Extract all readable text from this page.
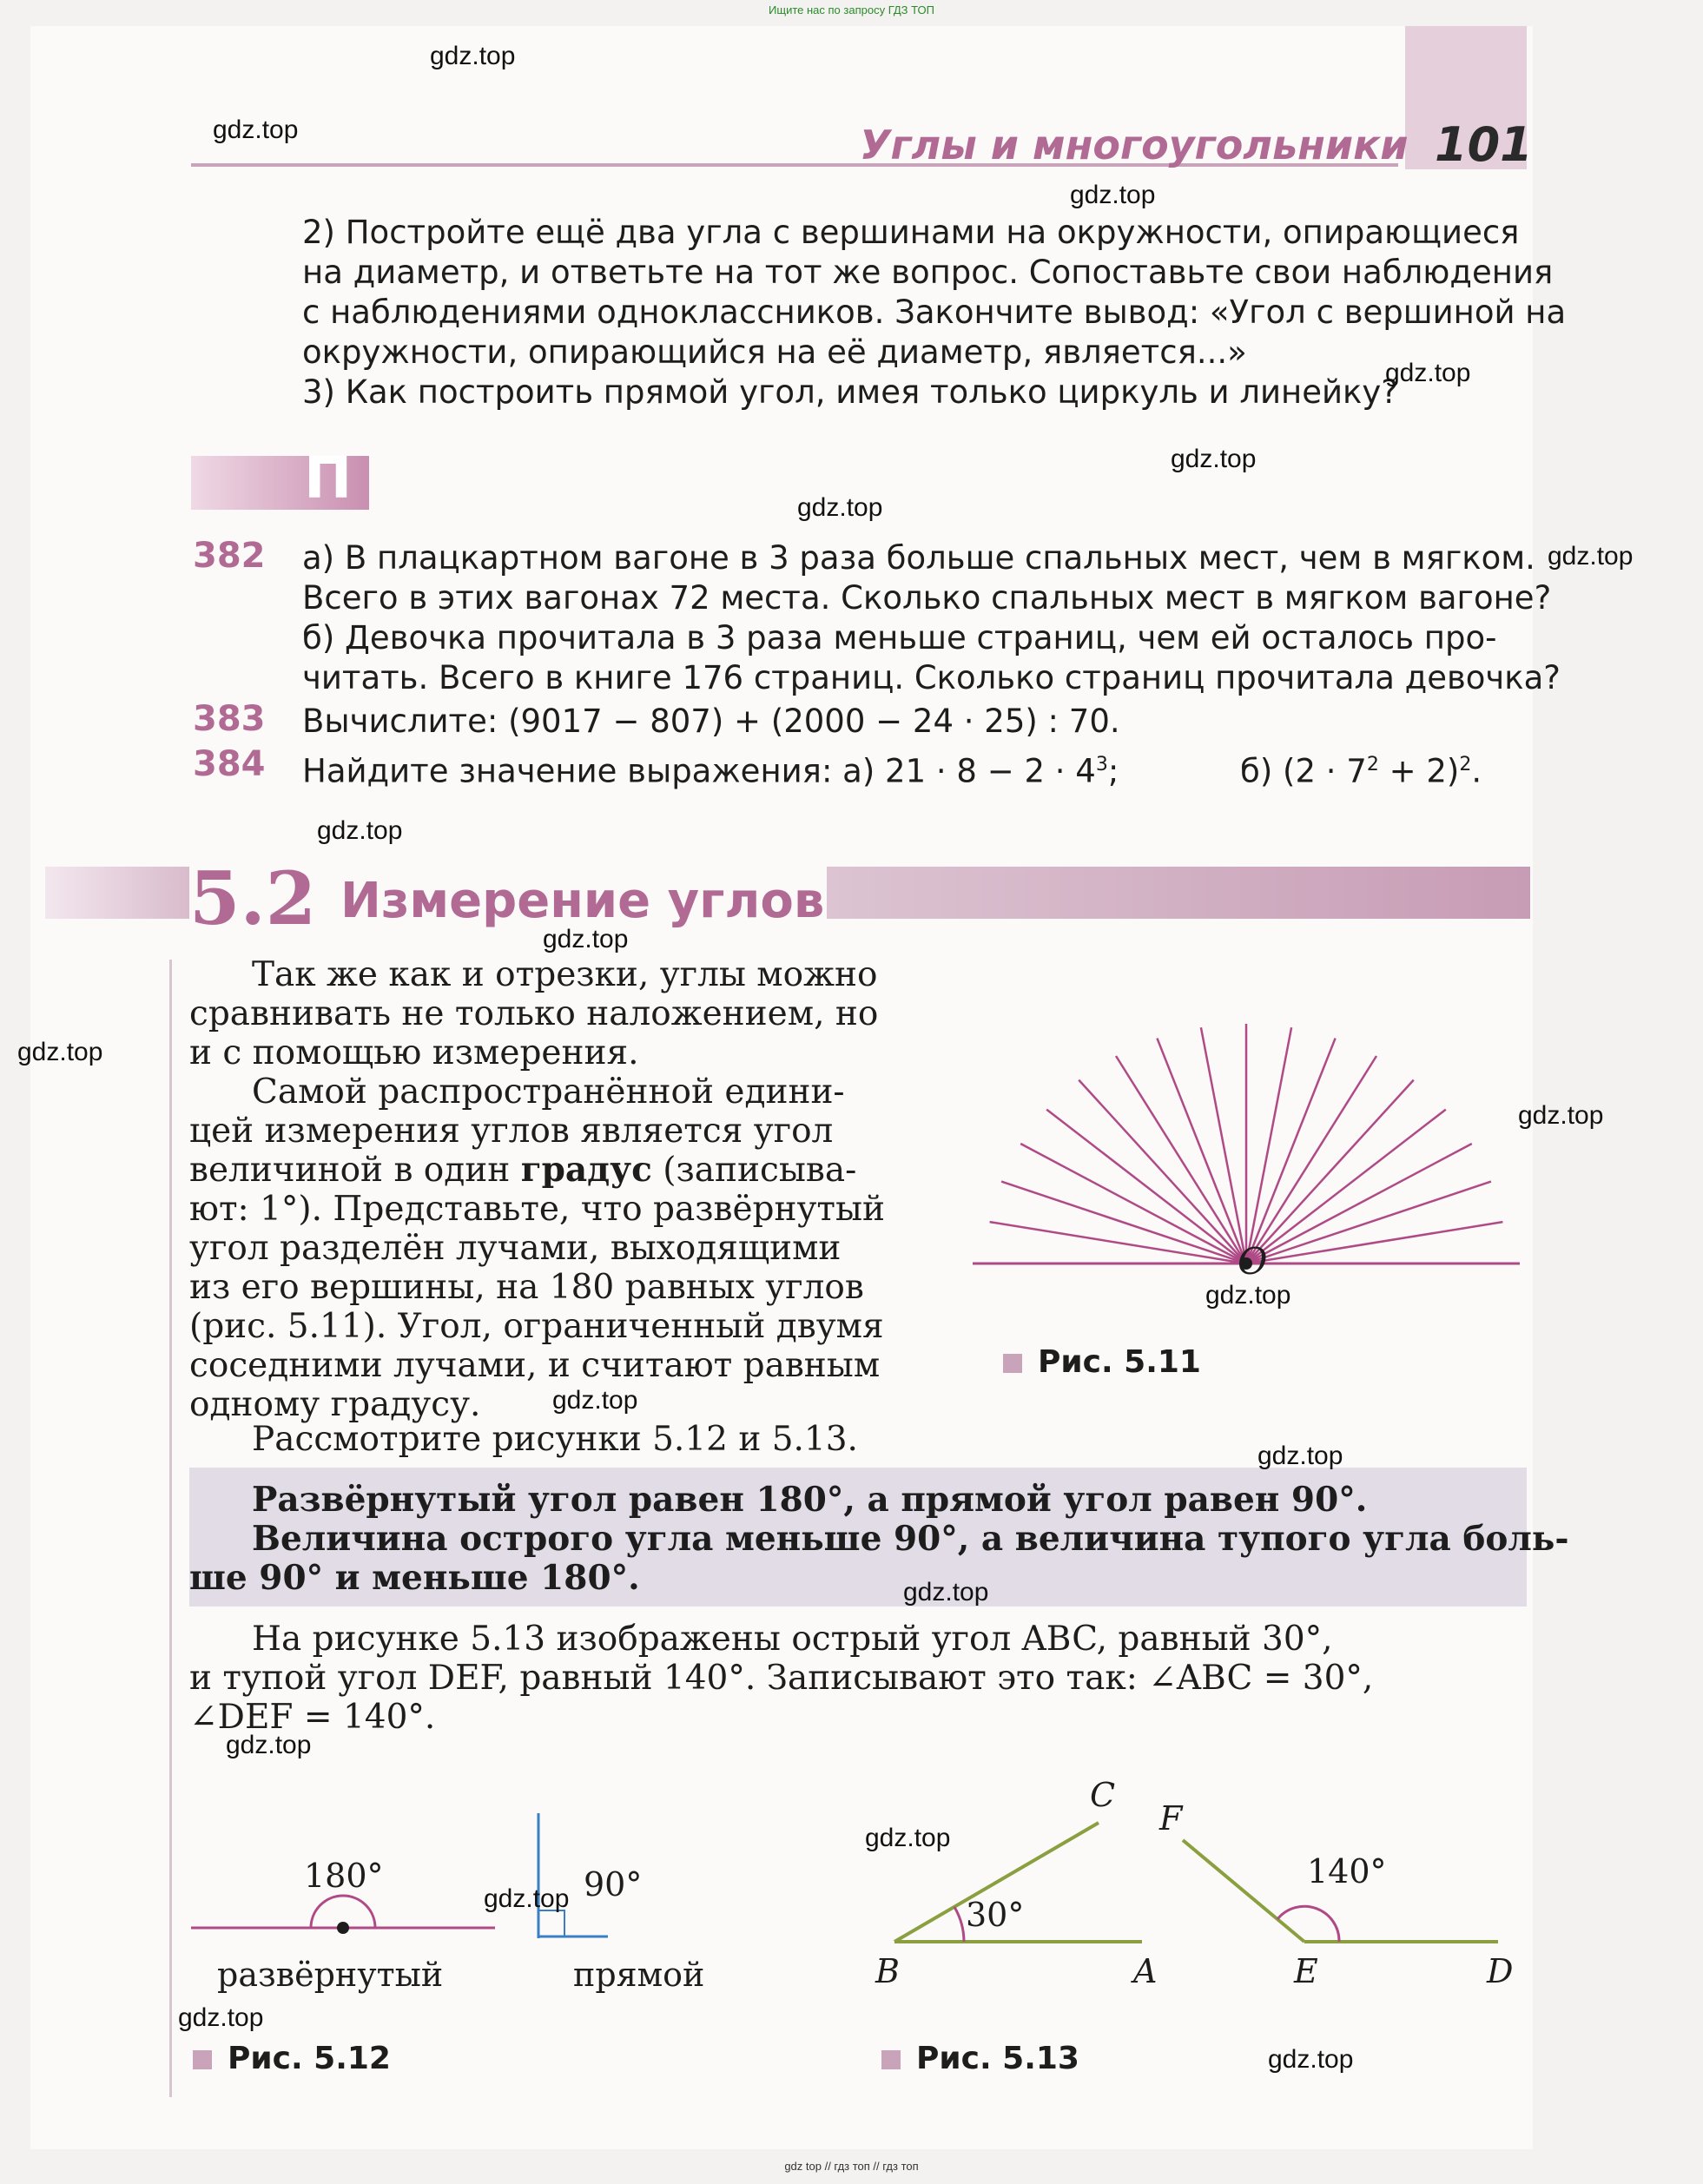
Ищите нас по запросу ГДЗ ТОП
Углы и многоугольники 101
2) Постройте ещё два угла с вершинами на окружности, опирающиеся
на диаметр, и ответьте на тот же вопрос. Сопоставьте свои наблюдения
с наблюдениями одноклассников. Закончите вывод: «Угол с вершиной на
окружности, опирающийся на её диаметр, является...»
3) Как построить прямой угол, имея только циркуль и линейку?
П
382 а) В плацкартном вагоне в 3 раза больше спальных мест, чем в мягком.
Всего в этих вагонах 72 места. Сколько спальных мест в мягком вагоне?
б) Девочка прочитала в 3 раза меньше страниц, чем ей осталось про-
читать. Всего в книге 176 страниц. Сколько страниц прочитала девочка?
383 Вычислите: (9017 − 807) + (2000 − 24 · 25) : 70.
384 Найдите значение выражения: а) $21 \cdot 8 - 2 \cdot 4^3$;	б) $(2 \cdot 7^2 + 2)^2$.
5.2 Измерение углов
Так же как и отрезки, углы можно
сравнивать не только наложением, но
и с помощью измерения.
Самой распространённой едини-
цей измерения углов является угол
величиной в один градус (записыва-
ют: 1°). Представьте, что развёрнутый
угол разделён лучами, выходящими
из его вершины, на 180 равных углов
(рис. 5.11). Угол, ограниченный двумя
соседними лучами, и считают равным
одному градусу.
Рассмотрите рисунки 5.12 и 5.13.
Развёрнутый угол равен 180°, а прямой угол равен 90°.
Величина острого угла меньше 90°, а величина тупого угла боль-
ше 90° и меньше 180°.
На рисунке 5.13 изображены острый угол ABC, равный 30°,
и тупой угол DEF, равный 140°. Записывают это так: ∠ABC = 30°,
∠DEF = 140°.
O
Рис. 5.11
180°	90°
развёрнутый	прямой
Рис. 5.12
30°
140°
B	A
C
F
E	D
Рис. 5.13
gdz.top
gdz.top
gdz.top
gdz.top
gdz.top
gdz.top
gdz.top
gdz.top
gdz.top
gdz.top
gdz.top
gdz.top
gdz.top
gdz.top
gdz.top
gdz.top
gdz.top
gdz.top
gdz.top
gdz.top
gdz top // гдз топ // гдз топ
